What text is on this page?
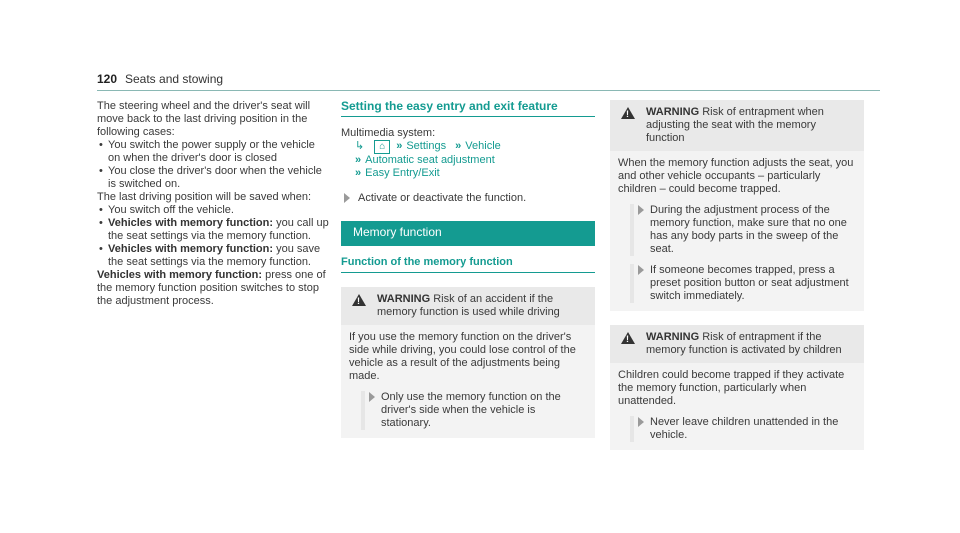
120 Seats and stowing

The steering wheel and the driver's seat will move back to the last driving position in the following cases:

• You switch the power supply or the vehicle on when the driver's door is closed
• You close the driver's door when the vehicle is switched on.

The last driving position will be saved when:

• You switch off the vehicle.
• Vehicles with memory function: you call up the seat settings via the memory function.
• Vehicles with memory function: you save the seat settings via the memory function.

Vehicles with memory function: press one of the memory function position switches to stop the adjustment process.

Setting the easy entry and exit feature

Multimedia system:

↳ ⌂ » Settings » Vehicle
» Automatic seat adjustment
» Easy Entry/Exit
Activate or deactivate the function.
Memory function
Function of the memory function
! WARNING Risk of an accident if the memory function is used while driving

If you use the memory function on the driver's side while driving, you could lose control of the vehicle as a result of the adjustments being made.

Only use the memory function on the driver's side when the vehicle is stationary.
! WARNING Risk of entrapment when adjusting the seat with the memory function

When the memory function adjusts the seat, you and other vehicle occupants – particularly children – could become trapped.

During the adjustment process of the memory function, make sure that no one has any body parts in the sweep of the seat.
If someone becomes trapped, press a preset position button or seat adjustment switch immediately.
! WARNING Risk of entrapment if the memory function is activated by children

Children could become trapped if they activate the memory function, particularly when unattended.

Never leave children unattended in the vehicle.
